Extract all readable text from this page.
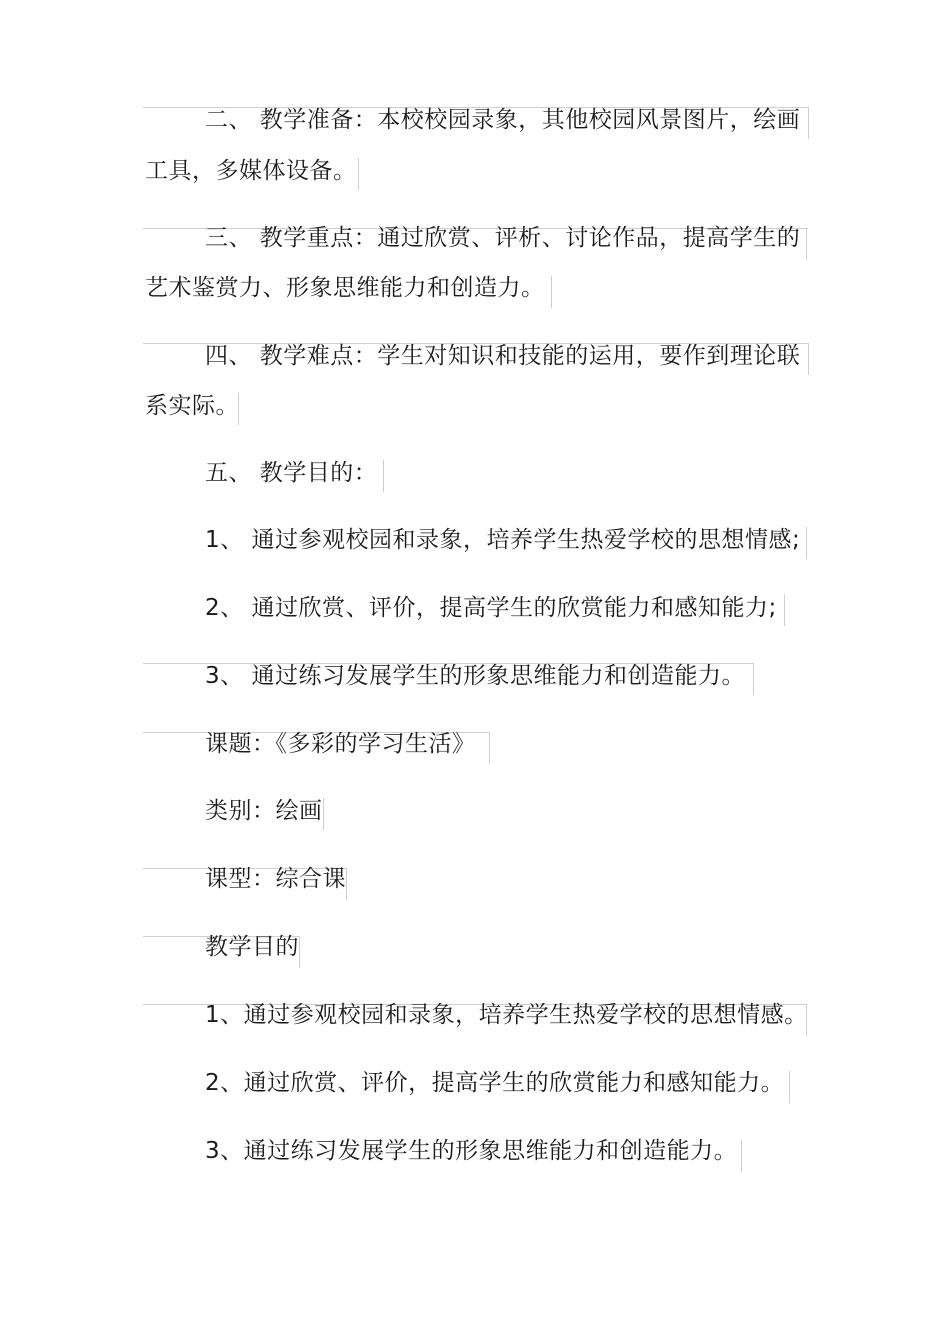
二、 教学准备：本校校园录象，其他校园风景图片，绘画
工具，多媒体设备。
三、 教学重点：通过欣赏、评析、讨论作品，提高学生的
艺术鉴赏力、形象思维能力和创造力。
四、 教学难点：学生对知识和技能的运用，要作到理论联
系实际。
五、 教学目的：
1、 通过参观校园和录象，培养学生热爱学校的思想情感;
2、 通过欣赏、评价，提高学生的欣赏能力和感知能力;
3、 通过练习发展学生的形象思维能力和创造能力。
课题：《多彩的学习生活》
类别：绘画
课型：综合课
教学目的
1、通过参观校园和录象，培养学生热爱学校的思想情感。
2、通过欣赏、评价，提高学生的欣赏能力和感知能力。
3、通过练习发展学生的形象思维能力和创造能力。
